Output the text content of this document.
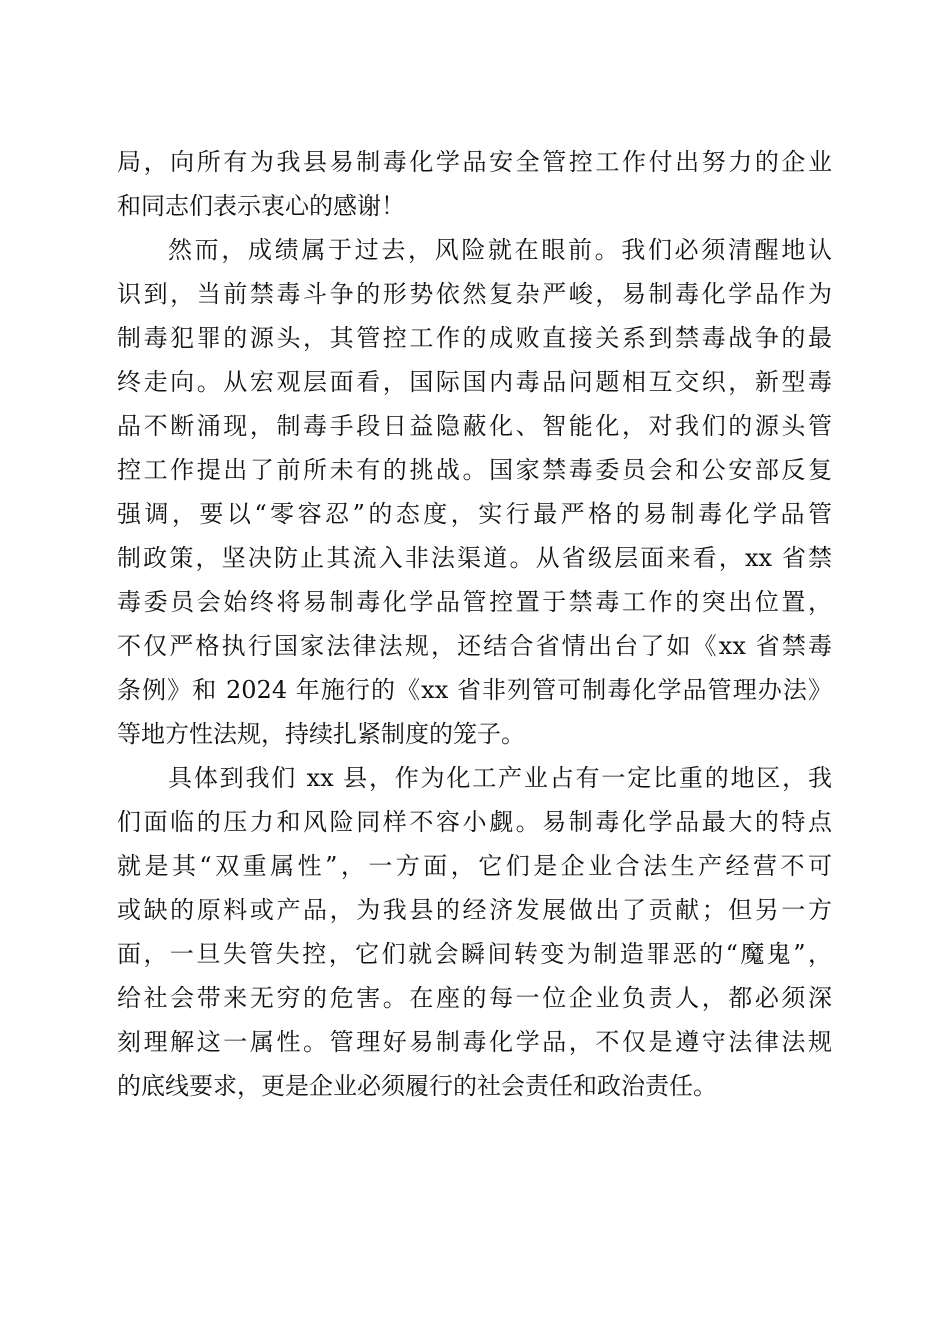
局，向所有为我县易制毒化学品安全管控工作付出努力的企业
和同志们表示衷心的感谢！
然而，成绩属于过去，风险就在眼前。我们必须清醒地认
识到，当前禁毒斗争的形势依然复杂严峻，易制毒化学品作为
制毒犯罪的源头，其管控工作的成败直接关系到禁毒战争的最
终走向。从宏观层面看，国际国内毒品问题相互交织，新型毒
品不断涌现，制毒手段日益隐蔽化、智能化，对我们的源头管
控工作提出了前所未有的挑战。国家禁毒委员会和公安部反复
强调，要以“零容忍”的态度，实行最严格的易制毒化学品管
制政策，坚决防止其流入非法渠道。从省级层面来看，xx 省禁
毒委员会始终将易制毒化学品管控置于禁毒工作的突出位置，
不仅严格执行国家法律法规，还结合省情出台了如《xx 省禁毒
条例》和 2024 年施行的《xx 省非列管可制毒化学品管理办法》
等地方性法规，持续扎紧制度的笼子。
具体到我们 xx 县，作为化工产业占有一定比重的地区，我
们面临的压力和风险同样不容小觑。易制毒化学品最大的特点
就是其“双重属性”，一方面，它们是企业合法生产经营不可
或缺的原料或产品，为我县的经济发展做出了贡献；但另一方
面，一旦失管失控，它们就会瞬间转变为制造罪恶的“魔鬼”，
给社会带来无穷的危害。在座的每一位企业负责人，都必须深
刻理解这一属性。管理好易制毒化学品，不仅是遵守法律法规
的底线要求，更是企业必须履行的社会责任和政治责任。
